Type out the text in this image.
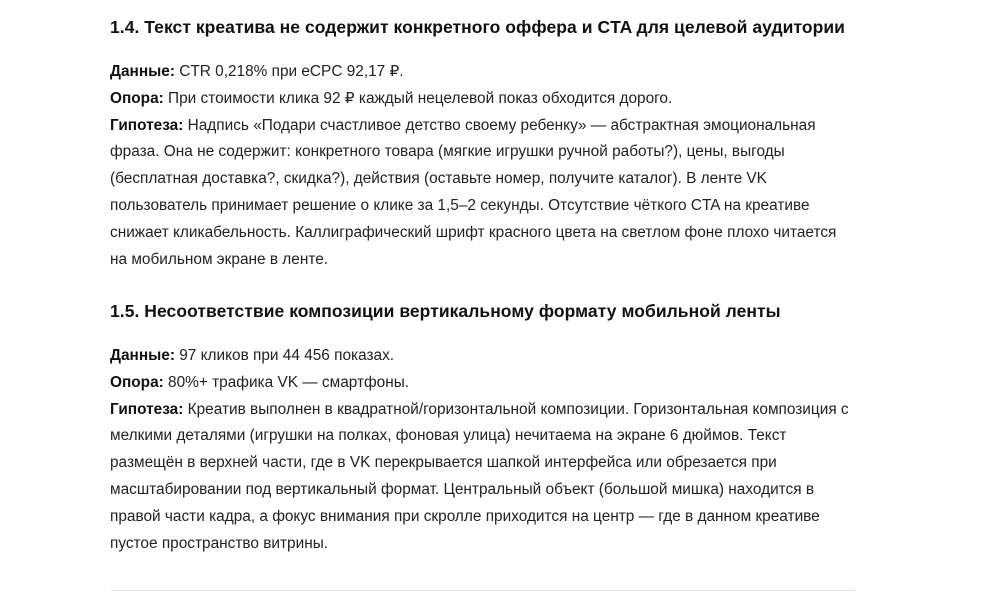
1.4. Текст креатива не содержит конкретного оффера и CTA для целевой аудитории

Данные: CTR 0,218% при eCPC 92,17 ₽.

Опора: При стоимости клика 92 ₽ каждый нецелевой показ обходится дорого.

Гипотеза: Надпись «Подари счастливое детство своему ребенку» — абстрактная эмоциональная фраза. Она не содержит: конкретного товара (мягкие игрушки ручной работы?), цены, выгоды (бесплатная доставка?, скидка?), действия (оставьте номер, получите каталог). В ленте VK пользователь принимает решение о клике за 1,5–2 секунды. Отсутствие чёткого CTA на креативе снижает кликабельность. Каллиграфический шрифт красного цвета на светлом фоне плохо читается на мобильном экране в ленте.

1.5. Несоответствие композиции вертикальному формату мобильной ленты

Данные: 97 кликов при 44 456 показах.

Опора: 80%+ трафика VK — смартфоны.

Гипотеза: Креатив выполнен в квадратной/горизонтальной композиции. Горизонтальная композиция с мелкими деталями (игрушки на полках, фоновая улица) нечитаема на экране 6 дюймов. Текст размещён в верхней части, где в VK перекрывается шапкой интерфейса или обрезается при масштабировании под вертикальный формат. Центральный объект (большой мишка) находится в правой части кадра, а фокус внимания при скролле приходится на центр — где в данном креативе пустое пространство витрины.
